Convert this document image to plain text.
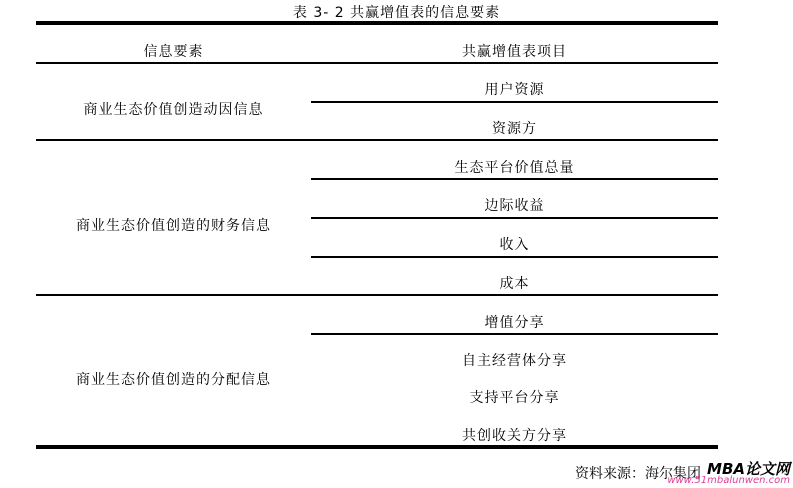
表 3- 2 共赢增值表的信息要素
信息要素	共赢增值表项目
商业生态价值创造动因信息
用户资源
资源方
商业生态价值创造的财务信息
生态平台价值总量
边际收益
收入
成本
商业生态价值创造的分配信息
增值分享
自主经营体分享
支持平台分享
共创收关方分享
资料来源：海尔集团 MBA论文网
www.51mbalunwen.com
